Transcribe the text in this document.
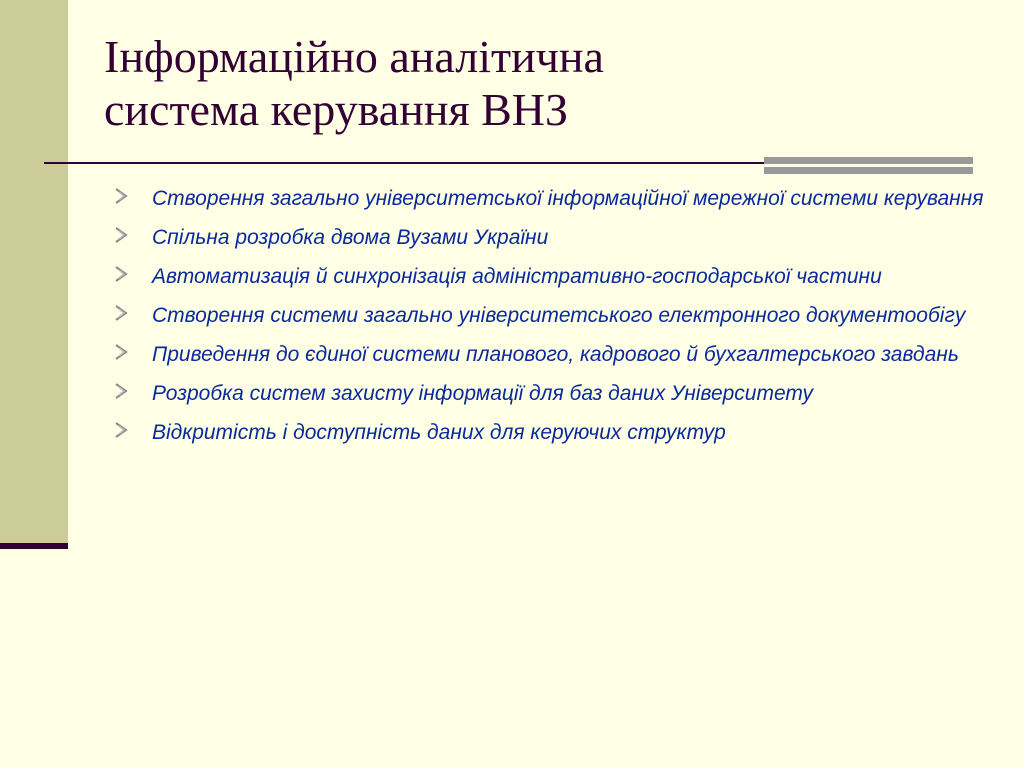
Інформаційно аналітична
система керування ВНЗ
Створення загально університетської інформаційної мережної системи керування
Спільна розробка двома Вузами України
Автоматизація й синхронізація адміністративно-господарської частини
Створення системи загально університетського електронного документообігу
Приведення до єдиної системи планового, кадрового й бухгалтерського завдань
Розробка систем захисту інформації для баз даних Університету
Відкритість і доступність даних для керуючих структур
